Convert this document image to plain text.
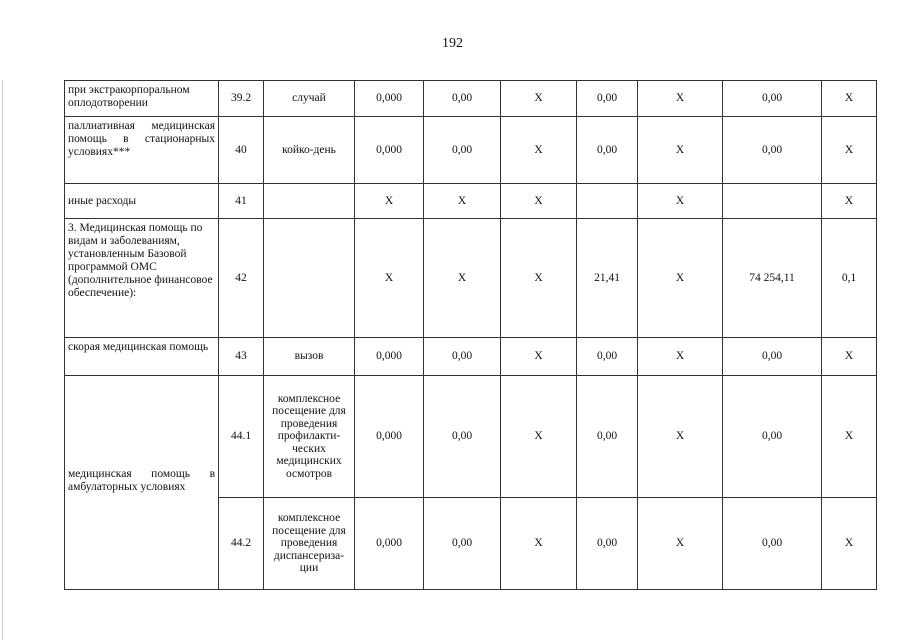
192
при экстракорпоральном оплодотворении	39.2	случай	0,000	0,00	Х	0,00	Х	0,00	Х
паллиативная медицинская помощь в стационарных условиях***	40	койко-день	0,000	0,00	Х	0,00	Х	0,00	Х
иные расходы	41		Х	Х	Х		Х		Х
3. Медицинская помощь по видам и заболеваниям, установленным Базовой программой ОМС (дополнительное финансовое обеспечение):	42		Х	Х	Х	21,41	Х	74 254,11	0,1
скорая медицинская помощь	43	вызов	0,000	0,00	Х	0,00	Х	0,00	Х
медицинская помощь в амбулаторных условиях	44.1	комплексное посещение для проведения профилакти-ческих медицинских осмотров	0,000	0,00	Х	0,00	Х	0,00	Х
	44.2	комплексное посещение для проведения диспансериза-ции	0,000	0,00	Х	0,00	Х	0,00	Х
